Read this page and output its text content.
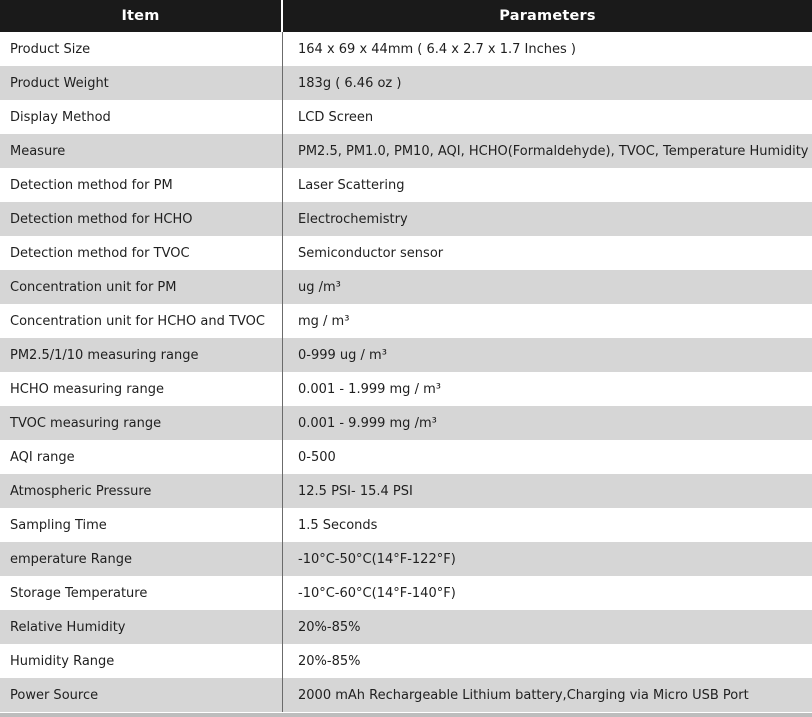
Item	Parameters
Product Size	164 x 69 x 44mm ( 6.4 x 2.7 x 1.7 Inches )
Product Weight	183g ( 6.46 oz )
Display Method	LCD Screen
Measure	PM2.5, PM1.0, PM10, AQI, HCHO(Formaldehyde), TVOC, Temperature Humidity
Detection method for PM	Laser Scattering
Detection method for HCHO	Electrochemistry
Detection method for TVOC	Semiconductor sensor
Concentration unit for PM	ug /m³
Concentration unit for HCHO and TVOC	mg / m³
PM2.5/1/10 measuring range	0-999 ug / m³
HCHO measuring range	0.001 - 1.999 mg / m³
TVOC measuring range	0.001 - 9.999 mg /m³
AQI range	0-500
Atmospheric Pressure	12.5 PSI- 15.4 PSI
Sampling Time	1.5 Seconds
emperature Range	-10°C-50°C(14°F-122°F)
Storage Temperature	-10°C-60°C(14°F-140°F)
Relative Humidity	20%-85%
Humidity Range	20%-85%
Power Source	2000 mAh Rechargeable Lithium battery,Charging via Micro USB Port
